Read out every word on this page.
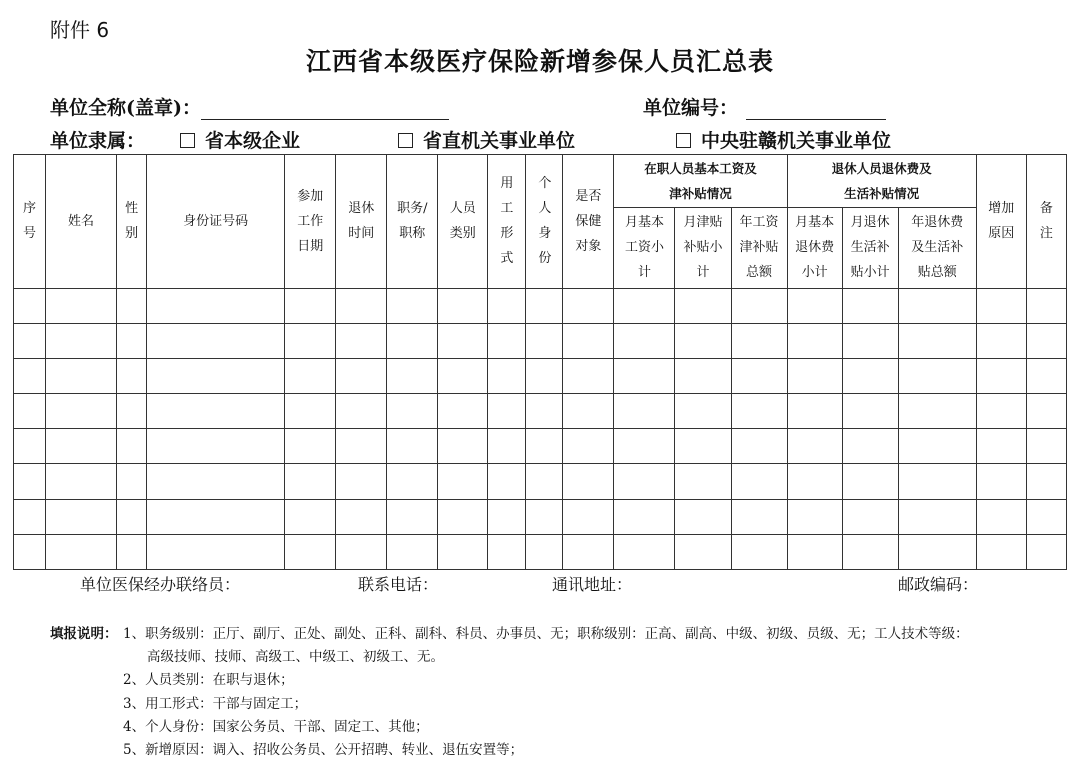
附件 6
江西省本级医疗保险新增参保人员汇总表
单位全称(盖章)：	单位编号：
单位隶属：	省本级企业	省直机关事业单位	中央驻赣机关事业单位
序号	姓名	性别	身份证号码	参加工作日期	退休时间	职务/职称	人员类别	用工形式	个人身份	是否保健对象	在职人员基本工资及津补贴情况			退休人员退休费及生活补贴情况			增加原因	备注
											月基本工资小计	月津贴补贴小计	年工资津补贴总额	月基本退休费小计	月退休生活补贴小计	年退休费及生活补贴总额		

单位医保经办联络员：	联系电话：	通讯地址：	邮政编码：
填报说明： 1、职务级别：正厅、副厅、正处、副处、正科、副科、科员、办事员、无；职称级别：正高、副高、中级、初级、员级、无；工人技术等级：
高级技师、技师、高级工、中级工、初级工、无。
2、人员类别：在职与退休；
3、用工形式：干部与固定工；
4、个人身份：国家公务员、干部、固定工、其他；
5、新增原因：调入、招收公务员、公开招聘、转业、退伍安置等；
